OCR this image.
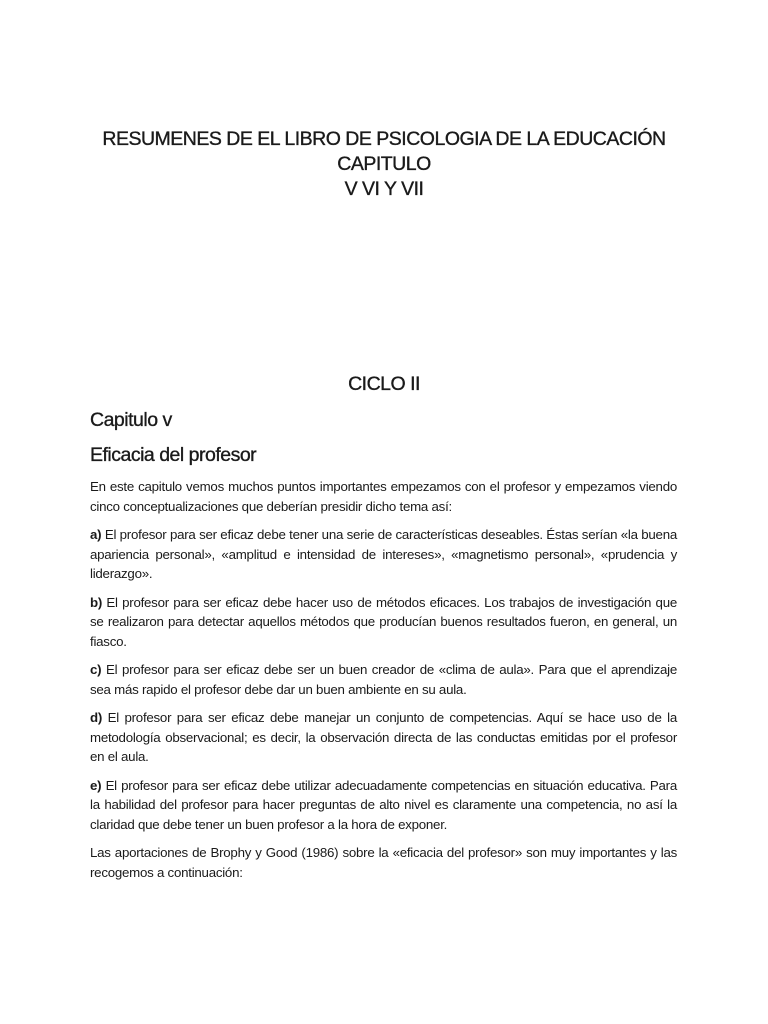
RESUMENES DE EL LIBRO DE PSICOLOGIA DE LA EDUCACIÓN CAPITULO
V VI Y VII
CICLO II
Capitulo v
Eficacia del profesor

En este capitulo vemos muchos puntos importantes empezamos con el profesor y empezamos viendo cinco conceptualizaciones que deberían presidir dicho tema así:

a) El profesor para ser eficaz debe tener una serie de características deseables. Éstas serían «la buena apariencia personal», «amplitud e intensidad de intereses», «magnetismo personal», «prudencia y liderazgo».

b) El profesor para ser eficaz debe hacer uso de métodos eficaces. Los trabajos de investigación que se realizaron para detectar aquellos métodos que producían buenos resultados fueron, en general, un fiasco.

c) El profesor para ser eficaz debe ser un buen creador de «clima de aula». Para que el aprendizaje sea más rapido el profesor debe dar un buen ambiente en su aula.

d) El profesor para ser eficaz debe manejar un conjunto de competencias. Aquí se hace uso de la metodología observacional; es decir, la observación directa de las conductas emitidas por el profesor en el aula.

e) El profesor para ser eficaz debe utilizar adecuadamente competencias en situación educativa. Para la habilidad del profesor para hacer preguntas de alto nivel es claramente una competencia, no así la claridad que debe tener un buen profesor a la hora de exponer.

Las aportaciones de Brophy y Good (1986) sobre la «eficacia del profesor» son muy importantes y las recogemos a continuación:
